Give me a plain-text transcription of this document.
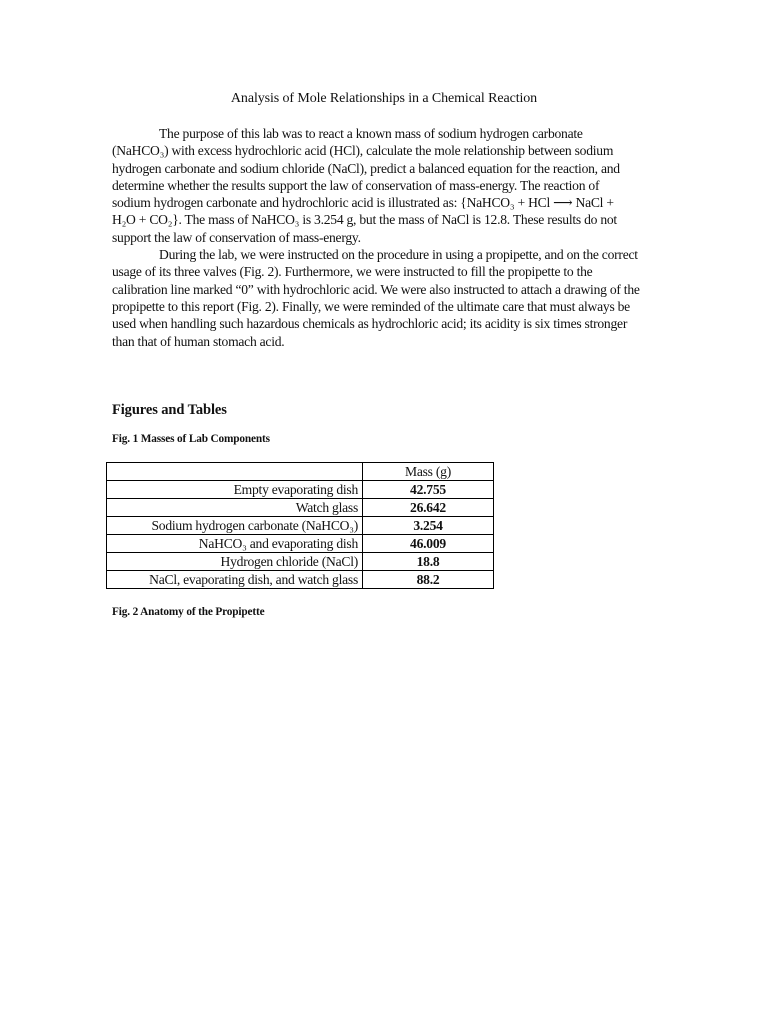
Analysis of Mole Relationships in a Chemical Reaction

The purpose of this lab was to react a known mass of sodium hydrogen carbonate (NaHCO₃) with excess hydrochloric acid (HCl), calculate the mole relationship between sodium hydrogen carbonate and sodium chloride (NaCl), predict a balanced equation for the reaction, and determine whether the results support the law of conservation of mass-energy. The reaction of sodium hydrogen carbonate and hydrochloric acid is illustrated as: {NaHCO₃ + HCl ⟶ NaCl + H₂O + CO₂}. The mass of NaHCO₃ is 3.254 g, but the mass of NaCl is 12.8. These results do not support the law of conservation of mass-energy.

During the lab, we were instructed on the procedure in using a propipette, and on the correct usage of its three valves (Fig. 2). Furthermore, we were instructed to fill the propipette to the calibration line marked “0” with hydrochloric acid. We were also instructed to attach a drawing of the propipette to this report (Fig. 2). Finally, we were reminded of the ultimate care that must always be used when handling such hazardous chemicals as hydrochloric acid; its acidity is six times stronger than that of human stomach acid.

Figures and Tables
Fig. 1 Masses of Lab Components
	Mass (g)
Empty evaporating dish	42.755
Watch glass	26.642
Sodium hydrogen carbonate (NaHCO₃)	3.254
NaHCO₃ and evaporating dish	46.009
Hydrogen chloride (NaCl)	18.8
NaCl, evaporating dish, and watch glass	88.2
Fig. 2 Anatomy of the Propipette
